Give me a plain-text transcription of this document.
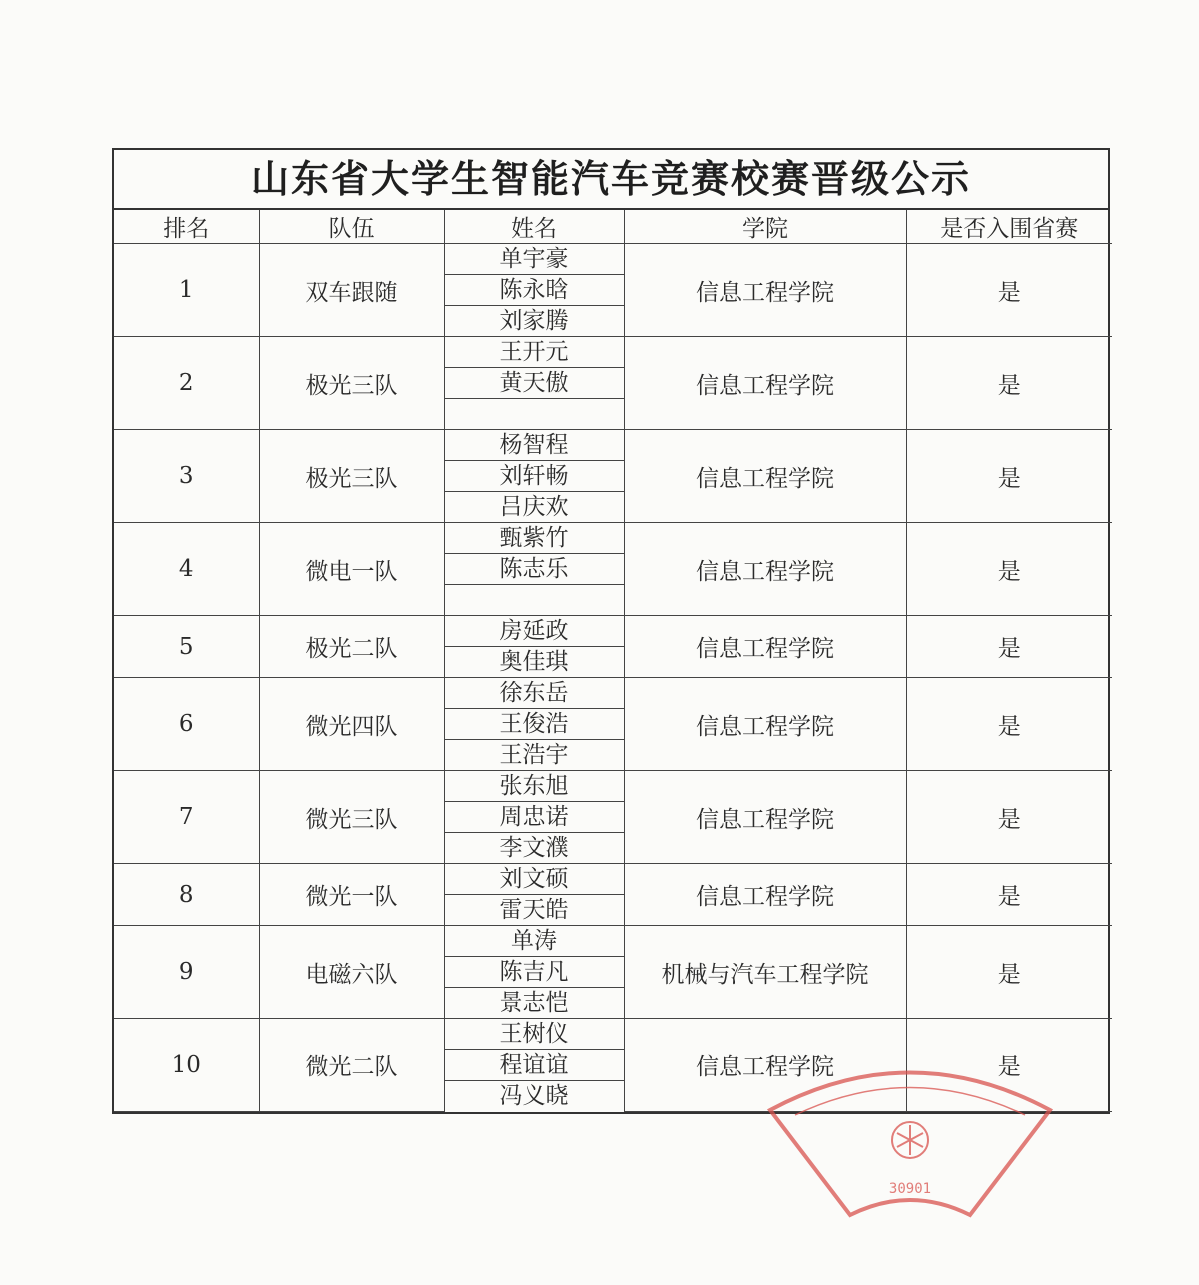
山东省大学生智能汽车竞赛校赛晋级公示
排名	队伍	姓名	学院	是否入围省赛
1	双车跟随	单宇豪	信息工程学院	是
		陈永晗		
		刘家腾		
2	极光三队	王开元	信息工程学院	是
		黄天傲		

3	极光三队	杨智程	信息工程学院	是
		刘轩畅		
		吕庆欢		
4	微电一队	甄紫竹	信息工程学院	是
		陈志乐		

5	极光二队	房延政	信息工程学院	是
		奥佳琪		
6	微光四队	徐东岳	信息工程学院	是
		王俊浩		
		王浩宇		
7	微光三队	张东旭	信息工程学院	是
		周忠诺		
		李文濮		
8	微光一队	刘文硕	信息工程学院	是
		雷天皓		
9	电磁六队	单涛	机械与汽车工程学院	是
		陈吉凡		
		景志恺		
10	微光二队	王树仪	信息工程学院	是
		程谊谊		
		冯义晓		
30901
